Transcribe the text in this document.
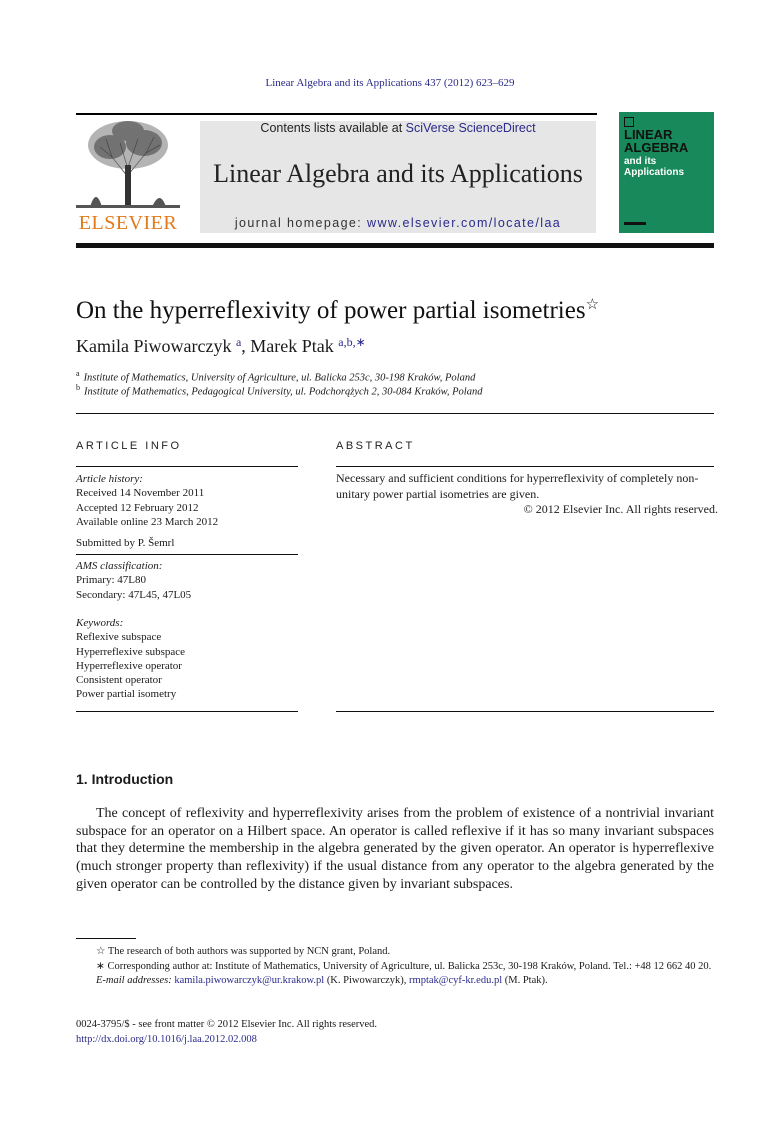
Linear Algebra and its Applications 437 (2012) 623–629
ELSEVIER
Contents lists available at SciVerse ScienceDirect
Linear Algebra and its Applications
journal homepage: www.elsevier.com/locate/laa
LINEAR ALGEBRA
and its
Applications
On the hyperreflexivity of power partial isometries☆
Kamila Piwowarczyk $^a$, Marek Ptak $^{a,b,∗}$
$^a$ Institute of Mathematics, University of Agriculture, ul. Balicka 253c, 30-198 Kraków, Poland
$^b$ Institute of Mathematics, Pedagogical University, ul. Podchorążych 2, 30-084 Kraków, Poland
ARTICLE INFO	ABSTRACT
Article history:
Received 14 November 2011
Accepted 12 February 2012
Available online 23 March 2012
Submitted by P. Šemrl
AMS classification:
Primary: 47L80
Secondary: 47L45, 47L05
Keywords:
Reflexive subspace
Hyperreflexive subspace
Hyperreflexive operator
Consistent operator
Power partial isometry
Necessary and sufficient conditions for hyperreflexivity of completely non-unitary power partial isometries are given.
© 2012 Elsevier Inc. All rights reserved.
1. Introduction
The concept of reflexivity and hyperreflexivity arises from the problem of existence of a nontrivial invariant subspace for an operator on a Hilbert space. An operator is called reflexive if it has so many invariant subspaces that they determine the membership in the algebra generated by the given operator. An operator is hyperreflexive (much stronger property than reflexivity) if the usual distance from any operator to the algebra generated by the given operator can be controlled by the distance given by invariant subspaces.
☆ The research of both authors was supported by NCN grant, Poland.
∗ Corresponding author at: Institute of Mathematics, University of Agriculture, ul. Balicka 253c, 30-198 Kraków, Poland. Tel.: +48 12 662 40 20.
E-mail addresses: kamila.piwowarczyk@ur.krakow.pl (K. Piwowarczyk), rmptak@cyf-kr.edu.pl (M. Ptak).
0024-3795/$ - see front matter © 2012 Elsevier Inc. All rights reserved.
http://dx.doi.org/10.1016/j.laa.2012.02.008
